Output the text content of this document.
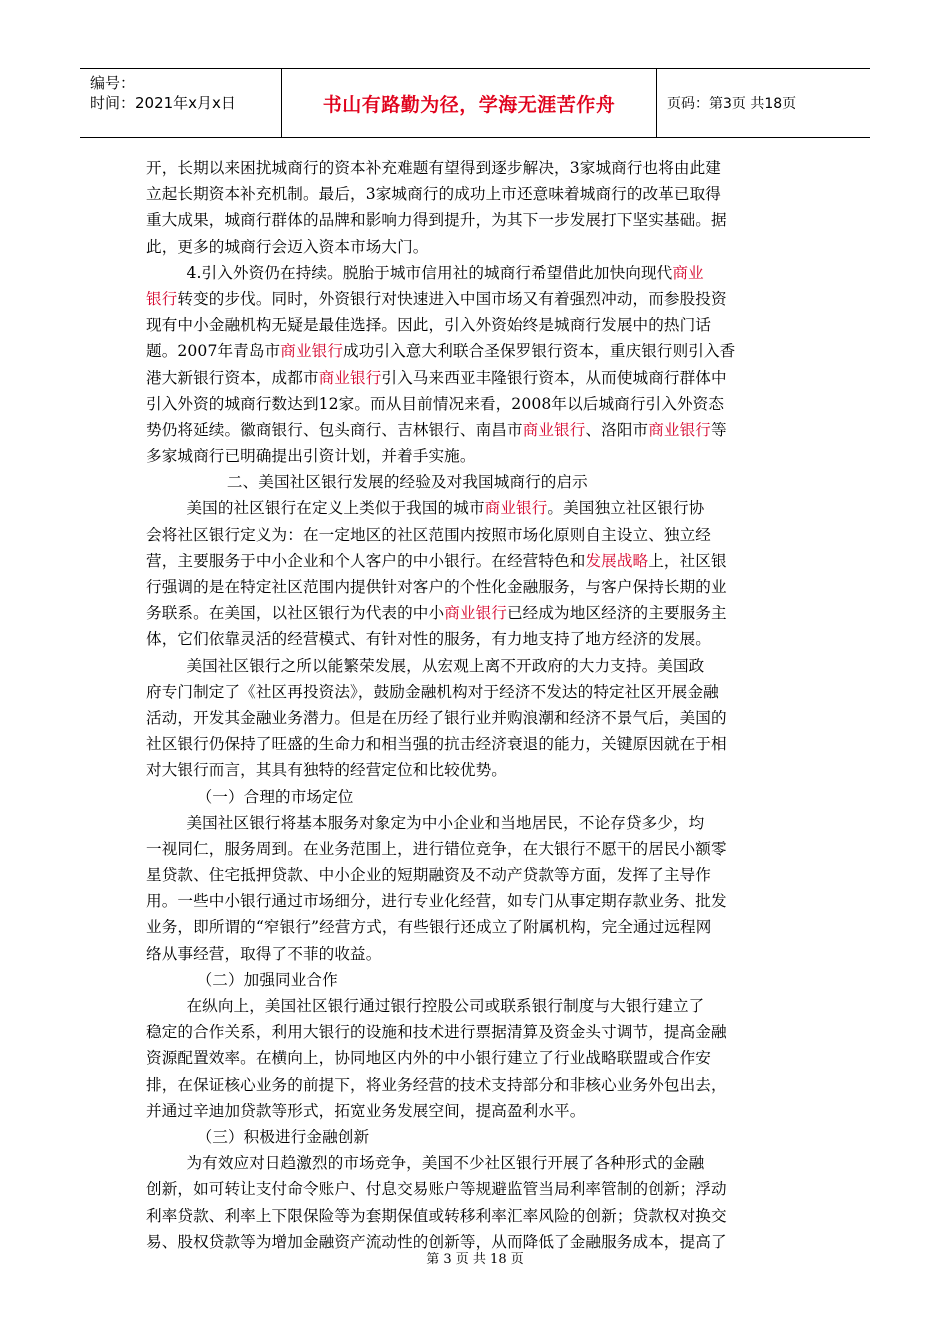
编号：
时间：2021年x月x日	书山有路勤为径，学海无涯苦作舟	页码：第3页 共18页
开，长期以来困扰城商行的资本补充难题有望得到逐步解决，3家城商行也将由此建
立起长期资本补充机制。最后，3家城商行的成功上市还意味着城商行的改革已取得
重大成果，城商行群体的品牌和影响力得到提升，为其下一步发展打下坚实基础。据
此，更多的城商行会迈入资本市场大门。
4.引入外资仍在持续。脱胎于城市信用社的城商行希望借此加快向现代商业
银行转变的步伐。同时，外资银行对快速进入中国市场又有着强烈冲动，而参股投资
现有中小金融机构无疑是最佳选择。因此，引入外资始终是城商行发展中的热门话
题。2007年青岛市商业银行成功引入意大利联合圣保罗银行资本，重庆银行则引入香
港大新银行资本，成都市商业银行引入马来西亚丰隆银行资本，从而使城商行群体中
引入外资的城商行数达到12家。而从目前情况来看，2008年以后城商行引入外资态
势仍将延续。徽商银行、包头商行、吉林银行、南昌市商业银行、洛阳市商业银行等
多家城商行已明确提出引资计划，并着手实施。
二、美国社区银行发展的经验及对我国城商行的启示
美国的社区银行在定义上类似于我国的城市商业银行。美国独立社区银行协
会将社区银行定义为：在一定地区的社区范围内按照市场化原则自主设立、独立经
营，主要服务于中小企业和个人客户的中小银行。在经营特色和发展战略上，社区银
行强调的是在特定社区范围内提供针对客户的个性化金融服务，与客户保持长期的业
务联系。在美国，以社区银行为代表的中小商业银行已经成为地区经济的主要服务主
体，它们依靠灵活的经营模式、有针对性的服务，有力地支持了地方经济的发展。
美国社区银行之所以能繁荣发展，从宏观上离不开政府的大力支持。美国政
府专门制定了《社区再投资法》，鼓励金融机构对于经济不发达的特定社区开展金融
活动，开发其金融业务潜力。但是在历经了银行业并购浪潮和经济不景气后，美国的
社区银行仍保持了旺盛的生命力和相当强的抗击经济衰退的能力，关键原因就在于相
对大银行而言，其具有独特的经营定位和比较优势。
（一）合理的市场定位
美国社区银行将基本服务对象定为中小企业和当地居民，不论存贷多少，均
一视同仁，服务周到。在业务范围上，进行错位竞争，在大银行不愿干的居民小额零
星贷款、住宅抵押贷款、中小企业的短期融资及不动产贷款等方面，发挥了主导作
用。一些中小银行通过市场细分，进行专业化经营，如专门从事定期存款业务、批发
业务，即所谓的“窄银行”经营方式，有些银行还成立了附属机构，完全通过远程网
络从事经营，取得了不菲的收益。
（二）加强同业合作
在纵向上，美国社区银行通过银行控股公司或联系银行制度与大银行建立了
稳定的合作关系，利用大银行的设施和技术进行票据清算及资金头寸调节，提高金融
资源配置效率。在横向上，协同地区内外的中小银行建立了行业战略联盟或合作安
排，在保证核心业务的前提下，将业务经营的技术支持部分和非核心业务外包出去，
并通过辛迪加贷款等形式，拓宽业务发展空间，提高盈利水平。
（三）积极进行金融创新
为有效应对日趋激烈的市场竞争，美国不少社区银行开展了各种形式的金融
创新，如可转让支付命令账户、付息交易账户等规避监管当局利率管制的创新；浮动
利率贷款、利率上下限保险等为套期保值或转移利率汇率风险的创新；贷款权对换交
易、股权贷款等为增加金融资产流动性的创新等，从而降低了金融服务成本，提高了
第 3 页 共 18 页
